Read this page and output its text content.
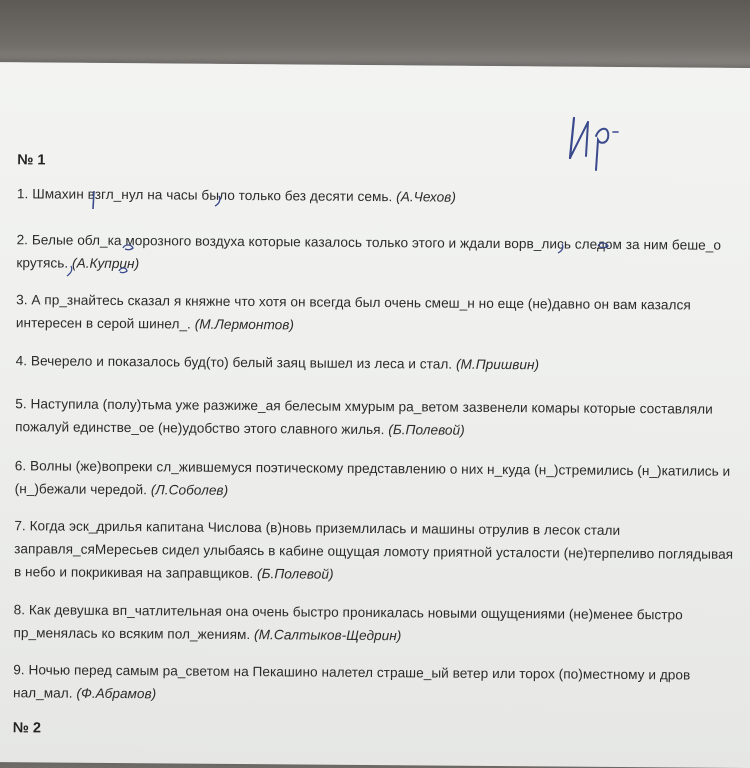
№ 1
1. Шмахин взгл_нул на часы было только без десяти семь. (А.Чехов)
2. Белые обл_ка морозного воздуха которые казалось только этого и ждали ворв_лись следом за ним беше_о крутясь. (А.Куприн)
3. А пр_знайтесь сказал я княжне что хотя он всегда был очень смеш_н но еще (не)давно он вам казался интересен в серой шинел_. (М.Лермонтов)
4. Вечерело и показалось буд(то) белый заяц вышел из леса и стал. (М.Пришвин)
5. Наступила (полу)тьма уже разжиже_ая белесым хмурым ра_ветом зазвенели комары которые составляли пожалуй единстве_ое (не)удобство этого славного жилья. (Б.Полевой)
6. Волны (же)вопреки сл_жившемуся поэтическому представлению о них н_куда (н_)стремились (н_)катились и (н_)бежали чередой. (Л.Соболев)
7. Когда эск_дрилья капитана Числова (в)новь приземлилась и машины отрулив в лесок стали заправля_сяМересьев сидел улыбаясь в кабине ощущая ломоту приятной усталости (не)терпеливо поглядывая в небо и покрикивая на заправщиков. (Б.Полевой)
8. Как девушка вп_чатлительная она очень быстро проникалась новыми ощущениями (не)менее быстро пр_менялась ко всяким пол_жениям. (М.Салтыков-Щедрин)
9. Ночью перед самым ра_светом на Пекашино налетел страше_ый ветер или торох (по)местному и дров нал_мал. (Ф.Абрамов)
№ 2
